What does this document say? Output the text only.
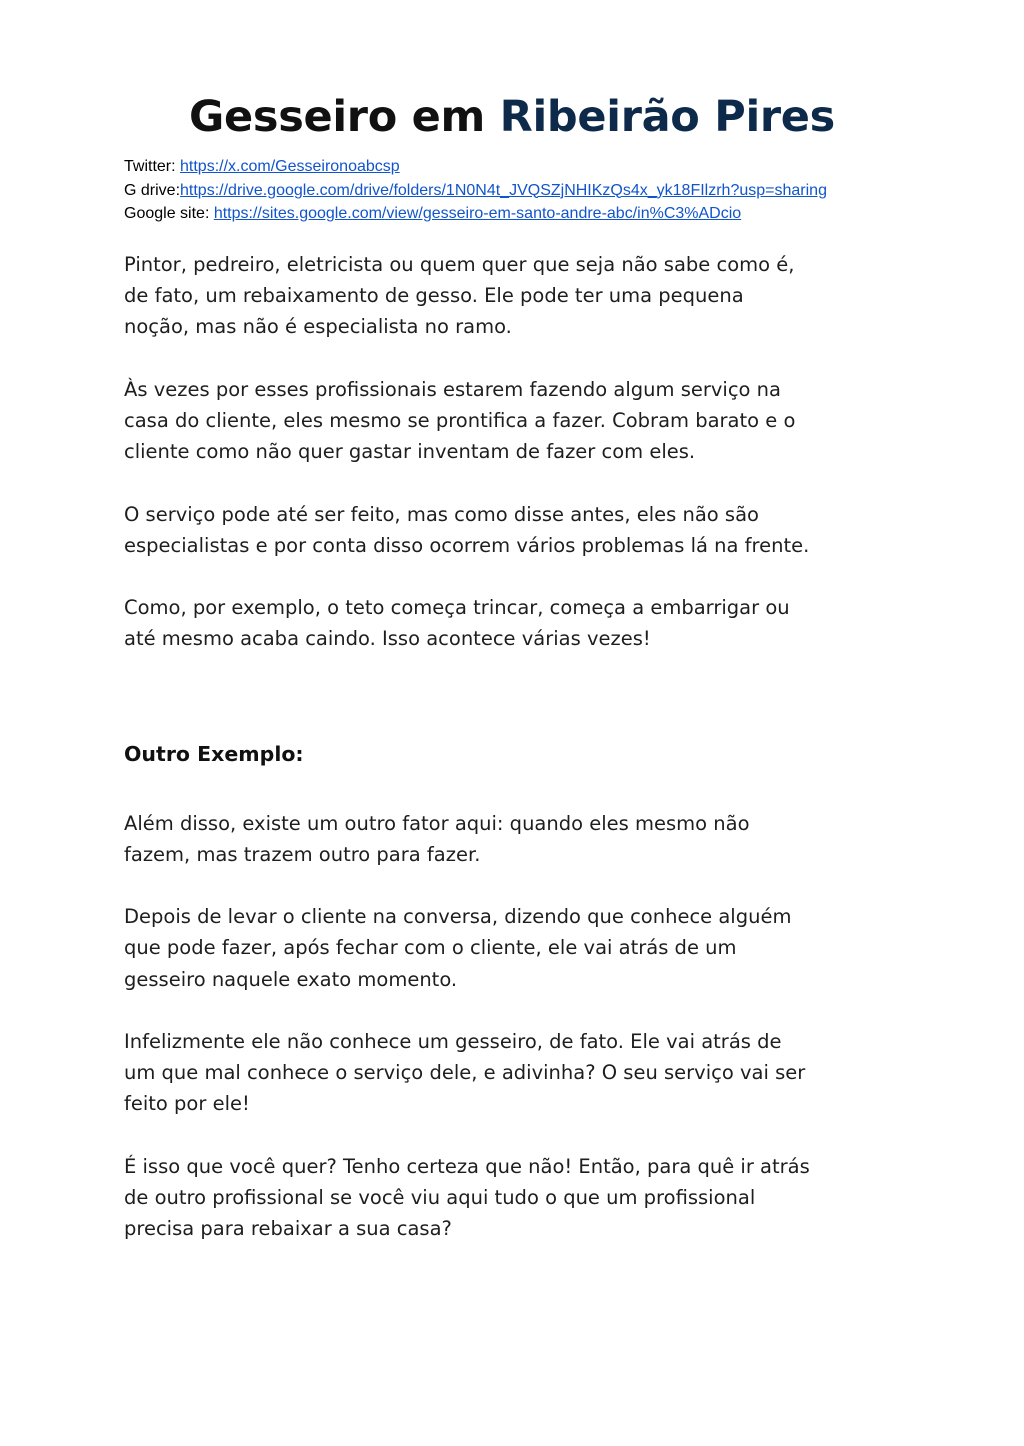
Gesseiro em Ribeirão Pires
Twitter: https://x.com/Gesseironoabcsp
G drive:https://drive.google.com/drive/folders/1N0N4t_JVQSZjNHIKzQs4x_yk18FIlzrh?usp=sharing
Google site: https://sites.google.com/view/gesseiro-em-santo-andre-abc/in%C3%ADcio

Pintor, pedreiro, eletricista ou quem quer que seja não sabe como é,
de fato, um rebaixamento de gesso. Ele pode ter uma pequena
noção, mas não é especialista no ramo.

Às vezes por esses profissionais estarem fazendo algum serviço na
casa do cliente, eles mesmo se prontifica a fazer. Cobram barato e o
cliente como não quer gastar inventam de fazer com eles.

O serviço pode até ser feito, mas como disse antes, eles não são
especialistas e por conta disso ocorrem vários problemas lá na frente.

Como, por exemplo, o teto começa trincar, começa a embarrigar ou
até mesmo acaba caindo. Isso acontece várias vezes!

Outro Exemplo:

Além disso, existe um outro fator aqui: quando eles mesmo não
fazem, mas trazem outro para fazer.

Depois de levar o cliente na conversa, dizendo que conhece alguém
que pode fazer, após fechar com o cliente, ele vai atrás de um
gesseiro naquele exato momento.

Infelizmente ele não conhece um gesseiro, de fato. Ele vai atrás de
um que mal conhece o serviço dele, e adivinha? O seu serviço vai ser
feito por ele!

É isso que você quer? Tenho certeza que não! Então, para quê ir atrás
de outro profissional se você viu aqui tudo o que um profissional
precisa para rebaixar a sua casa?
